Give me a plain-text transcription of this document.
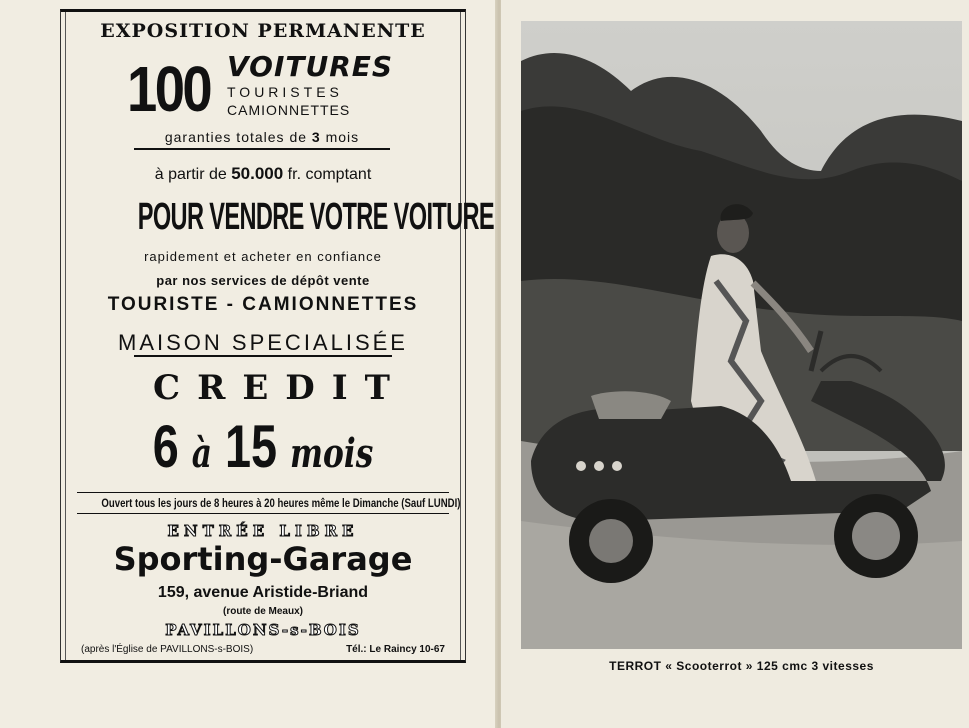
EXPOSITION PERMANENTE
100 VOITURES
TOURISTES
CAMIONNETTES
garanties totales de 3 mois
à partir de 50.000 fr. comptant
POUR VENDRE VOTRE VOITURE
rapidement et acheter en confiance
par nos services de dépôt vente
TOURISTE - CAMIONNETTES
MAISON SPECIALISÉE
CREDIT
6 à 15 mois
Ouvert tous les jours de 8 heures à 20 heures même le Dimanche (Sauf LUNDI)
ENTRÉE LIBRE
Sporting-Garage
159, avenue Aristide-Briand
(route de Meaux)
PAVILLONS-s-BOIS
(après l'Église de PAVILLONS-s-BOIS)	Tél.: Le Raincy 10-67
TERROT « Scooterrot » 125 cmc 3 vitesses
